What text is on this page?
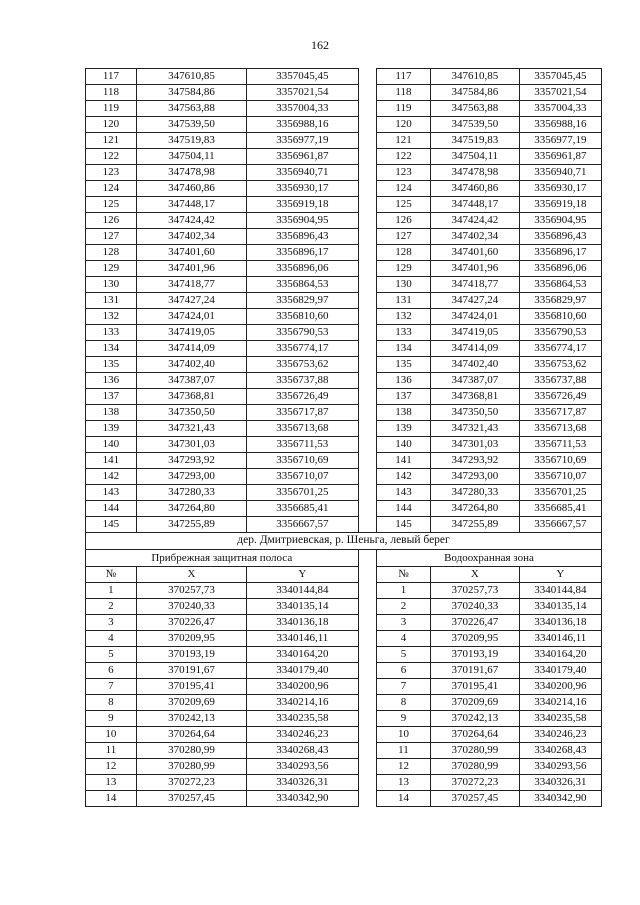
162
117	347610,85	3357045,45		117	347610,85	3357045,45
118	347584,86	3357021,54		118	347584,86	3357021,54
119	347563,88	3357004,33		119	347563,88	3357004,33
120	347539,50	3356988,16		120	347539,50	3356988,16
121	347519,83	3356977,19		121	347519,83	3356977,19
122	347504,11	3356961,87		122	347504,11	3356961,87
123	347478,98	3356940,71		123	347478,98	3356940,71
124	347460,86	3356930,17		124	347460,86	3356930,17
125	347448,17	3356919,18		125	347448,17	3356919,18
126	347424,42	3356904,95		126	347424,42	3356904,95
127	347402,34	3356896,43		127	347402,34	3356896,43
128	347401,60	3356896,17		128	347401,60	3356896,17
129	347401,96	3356896,06		129	347401,96	3356896,06
130	347418,77	3356864,53		130	347418,77	3356864,53
131	347427,24	3356829,97		131	347427,24	3356829,97
132	347424,01	3356810,60		132	347424,01	3356810,60
133	347419,05	3356790,53		133	347419,05	3356790,53
134	347414,09	3356774,17		134	347414,09	3356774,17
135	347402,40	3356753,62		135	347402,40	3356753,62
136	347387,07	3356737,88		136	347387,07	3356737,88
137	347368,81	3356726,49		137	347368,81	3356726,49
138	347350,50	3356717,87		138	347350,50	3356717,87
139	347321,43	3356713,68		139	347321,43	3356713,68
140	347301,03	3356711,53		140	347301,03	3356711,53
141	347293,92	3356710,69		141	347293,92	3356710,69
142	347293,00	3356710,07		142	347293,00	3356710,07
143	347280,33	3356701,25		143	347280,33	3356701,25
144	347264,80	3356685,41		144	347264,80	3356685,41
145	347255,89	3356667,57		145	347255,89	3356667,57
дер. Дмитриевская, р. Шеньга, левый берег						
Прибрежная защитная полоса				Водоохранная зона		
№	X	Y		№	X	Y
1	370257,73	3340144,84		1	370257,73	3340144,84
2	370240,33	3340135,14		2	370240,33	3340135,14
3	370226,47	3340136,18		3	370226,47	3340136,18
4	370209,95	3340146,11		4	370209,95	3340146,11
5	370193,19	3340164,20		5	370193,19	3340164,20
6	370191,67	3340179,40		6	370191,67	3340179,40
7	370195,41	3340200,96		7	370195,41	3340200,96
8	370209,69	3340214,16		8	370209,69	3340214,16
9	370242,13	3340235,58		9	370242,13	3340235,58
10	370264,64	3340246,23		10	370264,64	3340246,23
11	370280,99	3340268,43		11	370280,99	3340268,43
12	370280,99	3340293,56		12	370280,99	3340293,56
13	370272,23	3340326,31		13	370272,23	3340326,31
14	370257,45	3340342,90		14	370257,45	3340342,90
